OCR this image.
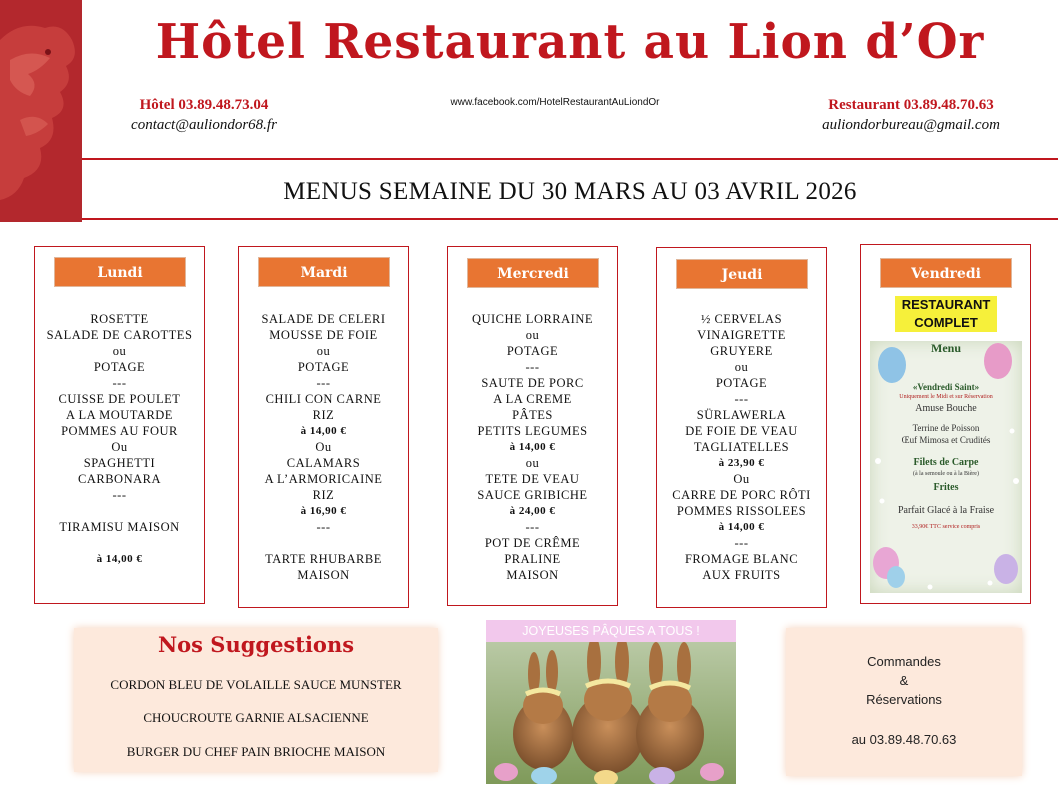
Hôtel Restaurant au Lion d’Or
Hôtel 03.89.48.73.04
contact@auliondor68.fr
www.facebook.com/HotelRestaurantAuLiondOr	Restaurant 03.89.48.70.63
auliondorbureau@gmail.com
MENUS SEMAINE DU 30 MARS AU 03 AVRIL 2026
Lundi
ROSETTE
SALADE DE CAROTTES
ou
POTAGE
---
CUISSE DE POULET
A LA MOUTARDE
POMMES AU FOUR
Ou
SPAGHETTI
CARBONARA
---

TIRAMISU MAISON

à 14,00 €
Mardi
SALADE DE CELERI
MOUSSE DE FOIE
ou
POTAGE
---
CHILI CON CARNE
RIZ
à 14,00 €
Ou
CALAMARS
A L’ARMORICAINE
RIZ
à 16,90 €
---

TARTE RHUBARBE
MAISON
Mercredi
QUICHE LORRAINE
ou
POTAGE
---
SAUTE DE PORC
A LA CREME
PÂTES
PETITS LEGUMES
à 14,00 €
ou
TETE DE VEAU
SAUCE GRIBICHE
à 24,00 €
---
POT DE CRÊME
PRALINE
MAISON
Jeudi
½ CERVELAS
VINAIGRETTE
GRUYERE
ou
POTAGE
---
SÜRLAWERLA
DE FOIE DE VEAU
TAGLIATELLES
à 23,90 €
Ou
CARRE DE PORC RÔTI
POMMES RISSOLEES
à 14,00 €
---
FROMAGE BLANC
AUX FRUITS
Vendredi
RESTAURANT
COMPLET
Menu
«Vendredi Saint»
Uniquement le Midi et sur Réservation
Amuse Bouche
Terrine de Poisson
Œuf Mimosa et Crudités
Filets de Carpe
(à la semoule ou à la Bière)
Frites
Parfait Glacé à la Fraise
33,90€ TTC service compris
Nos Suggestions
CORDON BLEU DE VOLAILLE SAUCE MUNSTER
CHOUCROUTE GARNIE ALSACIENNE
BURGER DU CHEF PAIN BRIOCHE MAISON
JOYEUSES PÂQUES A TOUS !
Commandes
&
Réservations
au 03.89.48.70.63
